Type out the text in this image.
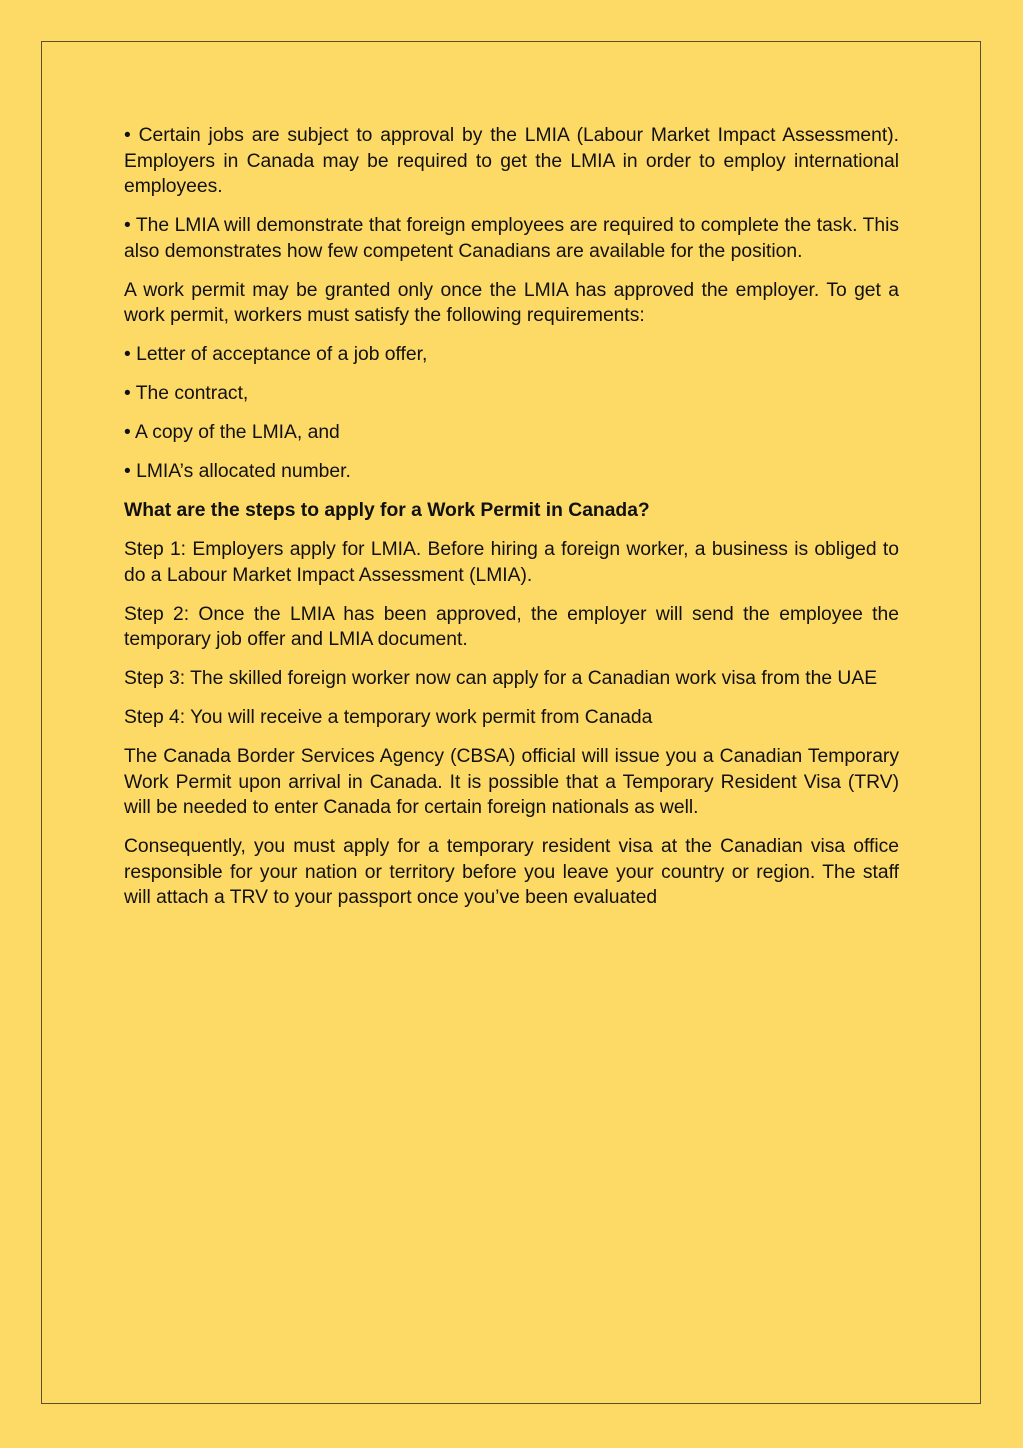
• Certain jobs are subject to approval by the LMIA (Labour Market Impact Assessment). Employers in Canada may be required to get the LMIA in order to employ international employees.

• The LMIA will demonstrate that foreign employees are required to complete the task. This also demonstrates how few competent Canadians are available for the position.

A work permit may be granted only once the LMIA has approved the employer. To get a work permit, workers must satisfy the following requirements:

• Letter of acceptance of a job offer,

• The contract,

• A copy of the LMIA, and

• LMIA’s allocated number.

What are the steps to apply for a Work Permit in Canada?

Step 1: Employers apply for LMIA. Before hiring a foreign worker, a business is obliged to do a Labour Market Impact Assessment (LMIA).

Step 2: Once the LMIA has been approved, the employer will send the employee the temporary job offer and LMIA document.

Step 3: The skilled foreign worker now can apply for a Canadian work visa from the UAE

Step 4: You will receive a temporary work permit from Canada

The Canada Border Services Agency (CBSA) official will issue you a Canadian Temporary Work Permit upon arrival in Canada. It is possible that a Temporary Resident Visa (TRV) will be needed to enter Canada for certain foreign nationals as well.

Consequently, you must apply for a temporary resident visa at the Canadian visa office responsible for your nation or territory before you leave your country or region. The staff will attach a TRV to your passport once you’ve been evaluated
